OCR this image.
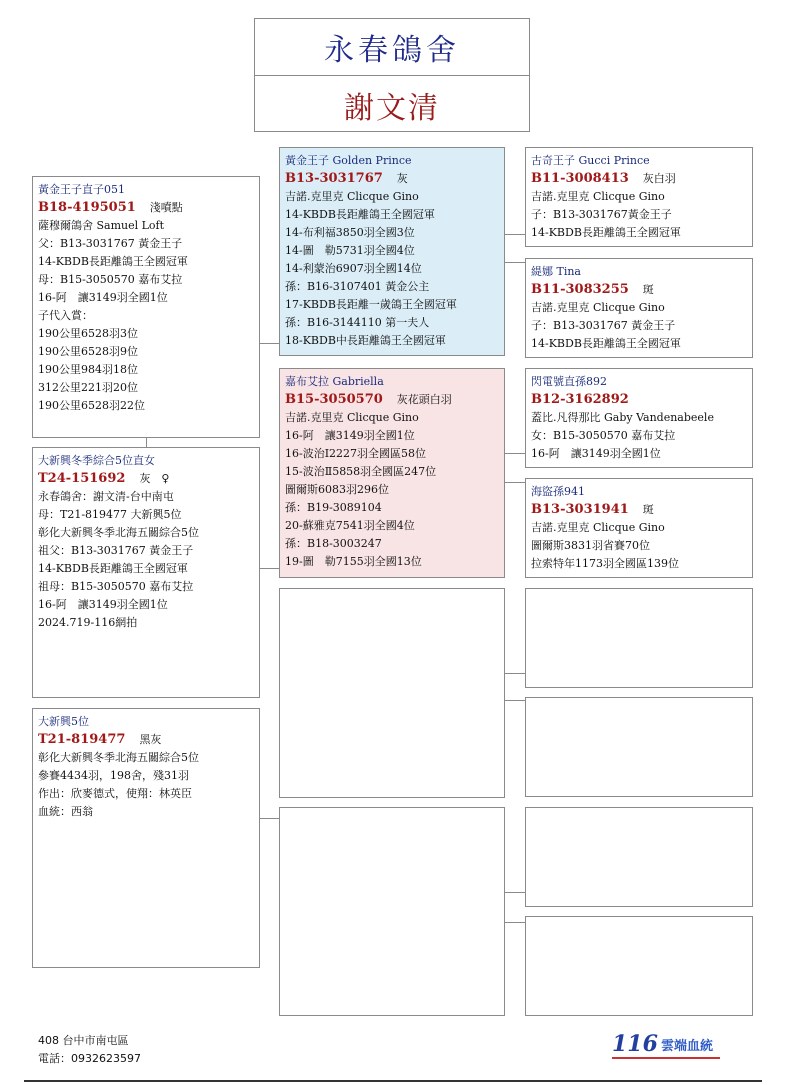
永春鴿舍
謝文清
黃金王子直子051
B18-4195051 淺噴點
薩穆爾鴿舍 Samuel Loft
父：B13-3031767 黃金王子
14-KBDB長距離鴿王全國冠軍
母：B15-3050570 嘉布艾拉
16-阿　讓3149羽全國1位
子代入賞：
190公里6528羽3位
190公里6528羽9位
190公里984羽18位
312公里221羽20位
190公里6528羽22位
大新興冬季綜合5位直女
T24-151692 灰　♀
永春鴿舍：謝文清-台中南屯
母：T21-819477 大新興5位
彰化大新興冬季北海五關綜合5位
祖父：B13-3031767 黃金王子
14-KBDB長距離鴿王全國冠軍
祖母：B15-3050570 嘉布艾拉
16-阿　讓3149羽全國1位
2024.719-116網拍
大新興5位
T21-819477 黑灰
彰化大新興冬季北海五關綜合5位
參賽4434羽，198舍，殘31羽
作出：欣麥德式，使翔：林英臣
血統：西翁
黃金王子 Golden Prince
B13-3031767 灰
吉諾.克里克 Clicque Gino
14-KBDB長距離鴿王全國冠軍
14-布利福3850羽全國3位
14-圖　勒5731羽全國4位
14-利蒙治6907羽全國14位
孫：B16-3107401 黃金公主
17-KBDB長距離一歲鴿王全國冠軍
孫：B16-3144110 第一夫人
18-KBDB中長距離鴿王全國冠軍
嘉布艾拉 Gabriella
B15-3050570 灰花頭白羽
吉諾.克里克 Clicque Gino
16-阿　讓3149羽全國1位
16-波治Ⅰ2227羽全國區58位
15-波治Ⅱ5858羽全國區247位
圖爾斯6083羽296位
孫：B19-3089104
20-蘇雅克7541羽全國4位
孫：B18-3003247
19-圖　勒7155羽全國13位
古奇王子 Gucci Prince
B11-3008413 灰白羽
吉諾.克里克 Clicque Gino
子：B13-3031767黃金王子
14-KBDB長距離鴿王全國冠軍
緹娜 Tina
B11-3083255 斑
吉諾.克里克 Clicque Gino
子：B13-3031767 黃金王子
14-KBDB長距離鴿王全國冠軍
閃電號直孫892
B12-3162892
蓋比.凡得那比 Gaby Vandenabeele
女：B15-3050570 嘉布艾拉
16-阿　讓3149羽全國1位
海盜孫941
B13-3031941 斑
吉諾.克里克 Clicque Gino
圖爾斯3831羽省賽70位
拉索特年1173羽全國區139位
408 台中市南屯區
電話：0932623597
116 雲端血統
